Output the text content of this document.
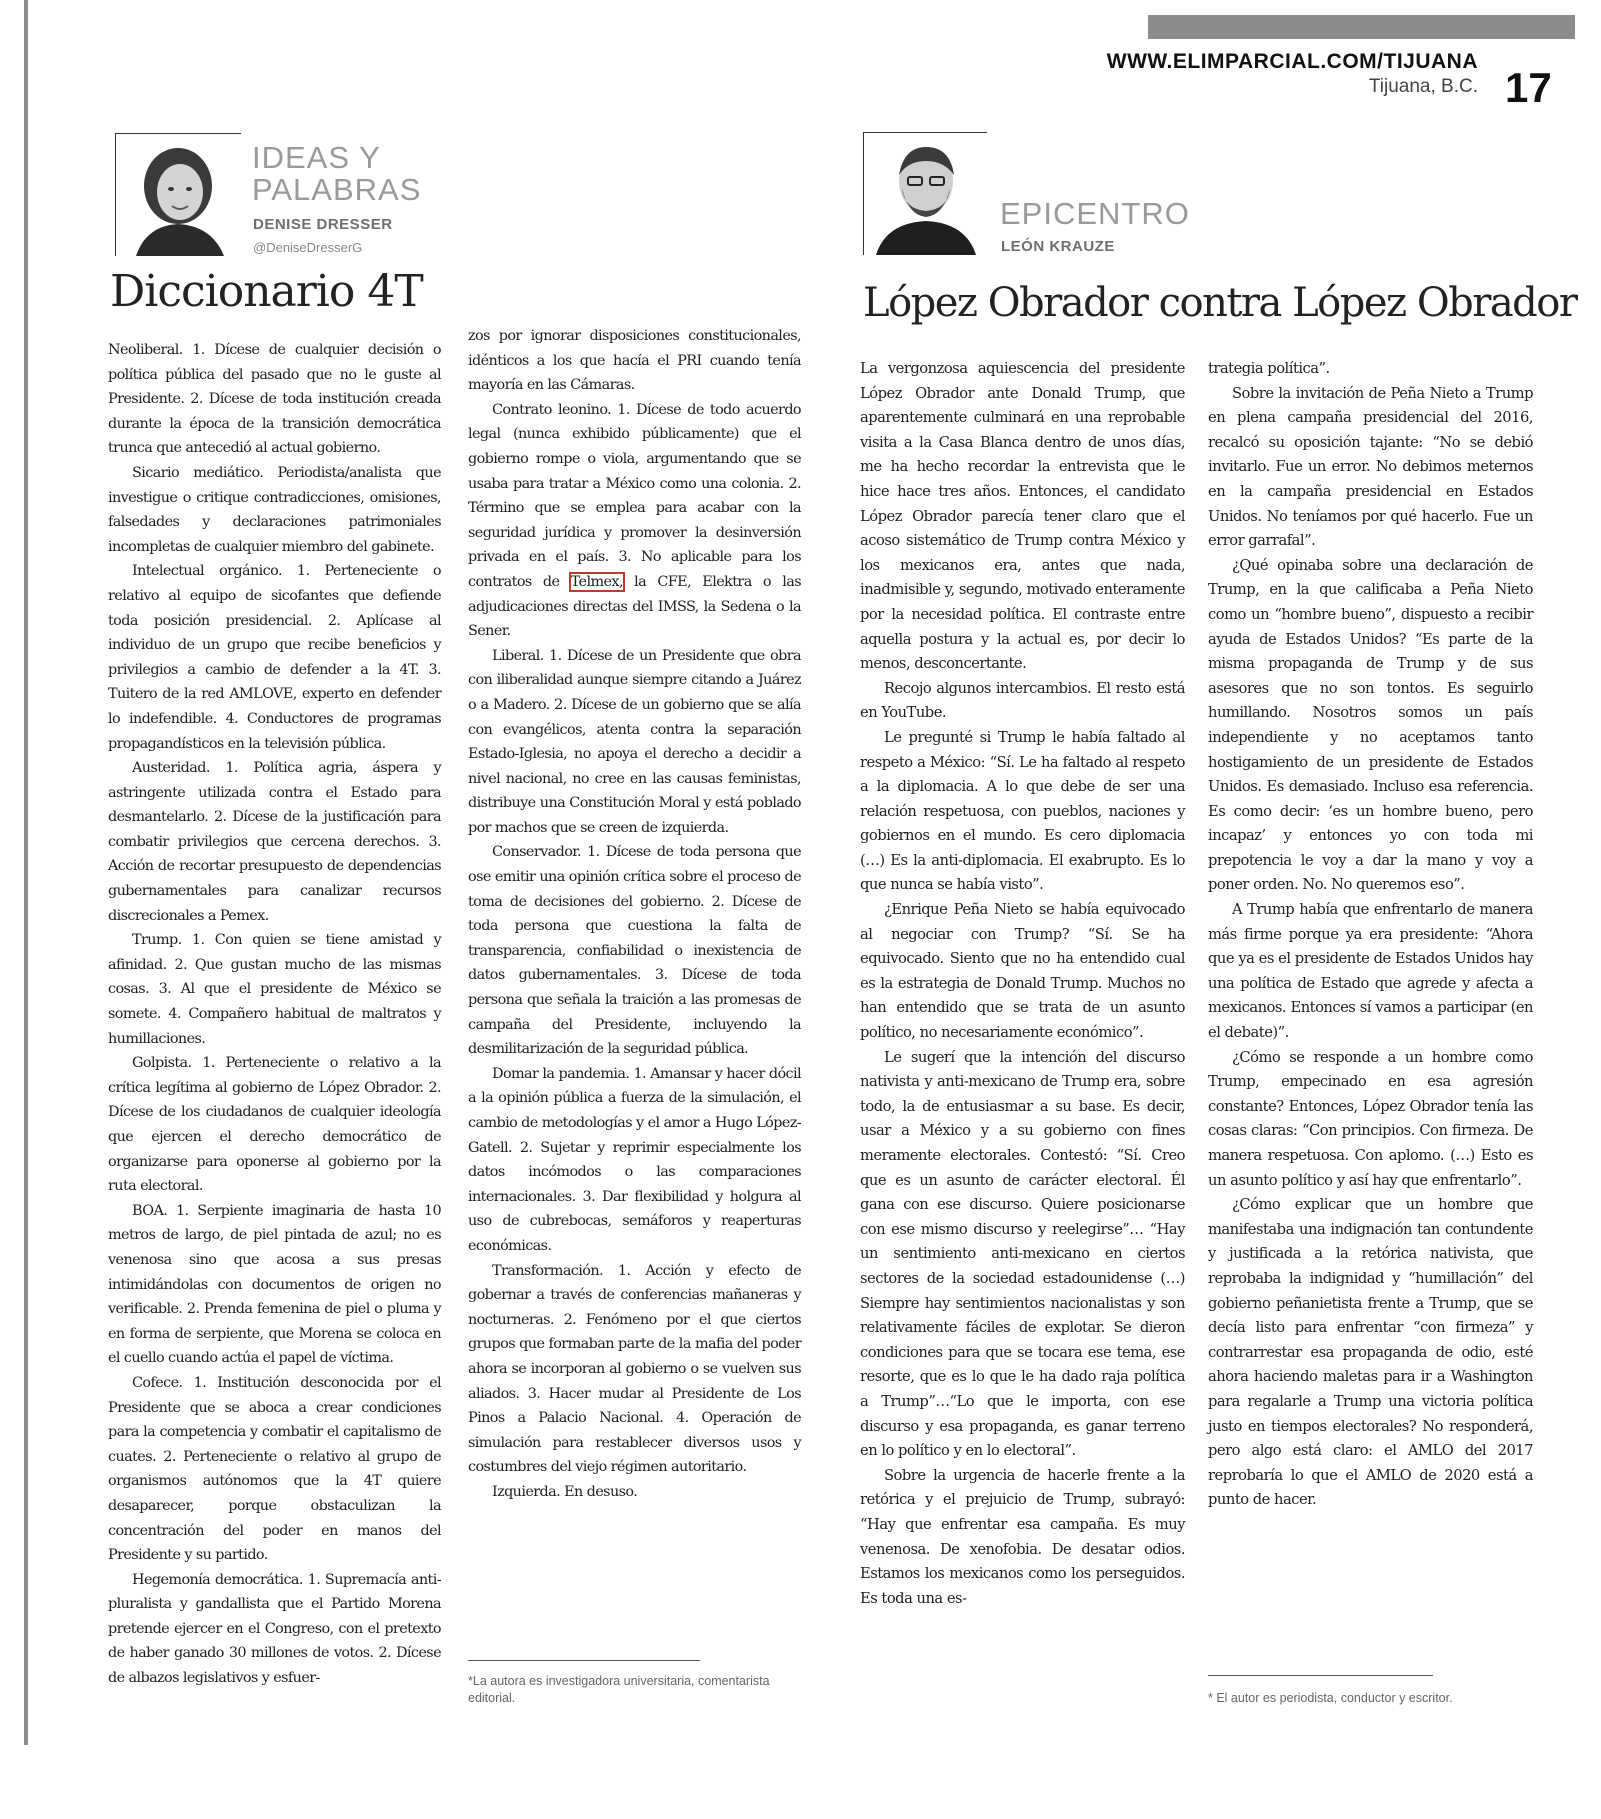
WWW.ELIMPARCIAL.COM/TIJUANA
Tijuana, B.C. 17
IDEAS Y
PALABRAS
DENISE DRESSER
@DeniseDresserG
Diccionario 4T

Neoliberal. 1. Dícese de cualquier decisión o política pública del pasado que no le guste al Presidente. 2. Dícese de toda institución creada durante la época de la transición democrática trunca que antecedió al actual gobierno.

Sicario mediático. Periodista/analista que investigue o critique contradicciones, omisiones, falsedades y declaraciones patrimoniales incompletas de cualquier miembro del gabinete.

Intelectual orgánico. 1. Perteneciente o relativo al equipo de sicofantes que defiende toda posición presidencial. 2. Aplícase al individuo de un grupo que recibe beneficios y privilegios a cambio de defender a la 4T. 3. Tuitero de la red AMLOVE, experto en defender lo indefendible. 4. Conductores de programas propagandísticos en la televisión pública.

Austeridad. 1. Política agria, áspera y astringente utilizada contra el Estado para desmantelarlo. 2. Dícese de la justificación para combatir privilegios que cercena derechos. 3. Acción de recortar presupuesto de dependencias gubernamentales para canalizar recursos discrecionales a Pemex.

Trump. 1. Con quien se tiene amistad y afinidad. 2. Que gustan mucho de las mismas cosas. 3. Al que el presidente de México se somete. 4. Compañero habitual de maltratos y humillaciones.

Golpista. 1. Perteneciente o relativo a la crítica legítima al gobierno de López Obrador. 2. Dícese de los ciudadanos de cualquier ideología que ejercen el derecho democrático de organizarse para oponerse al gobierno por la ruta electoral.

BOA. 1. Serpiente imaginaria de hasta 10 metros de largo, de piel pintada de azul; no es venenosa sino que acosa a sus presas intimidándolas con documentos de origen no verificable. 2. Prenda femenina de piel o pluma y en forma de serpiente, que Morena se coloca en el cuello cuando actúa el papel de víctima.

Cofece. 1. Institución desconocida por el Presidente que se aboca a crear condiciones para la competencia y combatir el capitalismo de cuates. 2. Perteneciente o relativo al grupo de organismos autónomos que la 4T quiere desaparecer, porque obstaculizan la concentración del poder en manos del Presidente y su partido.

Hegemonía democrática. 1. Supremacía anti-pluralista y gandallista que el Partido Morena pretende ejercer en el Congreso, con el pretexto de haber ganado 30 millones de votos. 2. Dícese de albazos legislativos y esfuer-

zos por ignorar disposiciones constitucionales, idénticos a los que hacía el PRI cuando tenía mayoría en las Cámaras.

Contrato leonino. 1. Dícese de todo acuerdo legal (nunca exhibido públicamente) que el gobierno rompe o viola, argumentando que se usaba para tratar a México como una colonia. 2. Término que se emplea para acabar con la seguridad jurídica y promover la desinversión privada en el país. 3. No aplicable para los contratos de Telmex, la CFE, Elektra o las adjudicaciones directas del IMSS, la Sedena o la Sener.

Liberal. 1. Dícese de un Presidente que obra con iliberalidad aunque siempre citando a Juárez o a Madero. 2. Dícese de un gobierno que se alía con evangélicos, atenta contra la separación Estado-Iglesia, no apoya el derecho a decidir a nivel nacional, no cree en las causas feministas, distribuye una Constitución Moral y está poblado por machos que se creen de izquierda.

Conservador. 1. Dícese de toda persona que ose emitir una opinión crítica sobre el proceso de toma de decisiones del gobierno. 2. Dícese de toda persona que cuestiona la falta de transparencia, confiabilidad o inexistencia de datos gubernamentales. 3. Dícese de toda persona que señala la traición a las promesas de campaña del Presidente, incluyendo la desmilitarización de la seguridad pública.

Domar la pandemia. 1. Amansar y hacer dócil a la opinión pública a fuerza de la simulación, el cambio de metodologías y el amor a Hugo López-Gatell. 2. Sujetar y reprimir especialmente los datos incómodos o las comparaciones internacionales. 3. Dar flexibilidad y holgura al uso de cubrebocas, semáforos y reaperturas económicas.

Transformación. 1. Acción y efecto de gobernar a través de conferencias mañaneras y nocturneras. 2. Fenómeno por el que ciertos grupos que formaban parte de la mafia del poder ahora se incorporan al gobierno o se vuelven sus aliados. 3. Hacer mudar al Presidente de Los Pinos a Palacio Nacional. 4. Operación de simulación para restablecer diversos usos y costumbres del viejo régimen autoritario.

Izquierda. En desuso.

*La autora es investigadora universitaria, comentarista editorial.
EPICENTRO
LEÓN KRAUZE
López Obrador contra López Obrador

La vergonzosa aquiescencia del presidente López Obrador ante Donald Trump, que aparentemente culminará en una reprobable visita a la Casa Blanca dentro de unos días, me ha hecho recordar la entrevista que le hice hace tres años. Entonces, el candidato López Obrador parecía tener claro que el acoso sistemático de Trump contra México y los mexicanos era, antes que nada, inadmisible y, segundo, motivado enteramente por la necesidad política. El contraste entre aquella postura y la actual es, por decir lo menos, desconcertante.

Recojo algunos intercambios. El resto está en YouTube.

Le pregunté si Trump le había faltado al respeto a México: “Sí. Le ha faltado al respeto a la diplomacia. A lo que debe de ser una relación respetuosa, con pueblos, naciones y gobiernos en el mundo. Es cero diplomacia (…) Es la anti-diplomacia. El exabrupto. Es lo que nunca se había visto”.

¿Enrique Peña Nieto se había equivocado al negociar con Trump? “Sí. Se ha equivocado. Siento que no ha entendido cual es la estrategia de Donald Trump. Muchos no han entendido que se trata de un asunto político, no necesariamente económico”.

Le sugerí que la intención del discurso nativista y anti-mexicano de Trump era, sobre todo, la de entusiasmar a su base. Es decir, usar a México y a su gobierno con fines meramente electorales. Contestó: “Sí. Creo que es un asunto de carácter electoral. Él gana con ese discurso. Quiere posicionarse con ese mismo discurso y reelegirse”… “Hay un sentimiento anti-mexicano en ciertos sectores de la sociedad estadounidense (…) Siempre hay sentimientos nacionalistas y son relativamente fáciles de explotar. Se dieron condiciones para que se tocara ese tema, ese resorte, que es lo que le ha dado raja política a Trump”…“Lo que le importa, con ese discurso y esa propaganda, es ganar terreno en lo político y en lo electoral”.

Sobre la urgencia de hacerle frente a la retórica y el prejuicio de Trump, subrayó: “Hay que enfrentar esa campaña. Es muy venenosa. De xenofobia. De desatar odios. Estamos los mexicanos como los perseguidos. Es toda una es-

trategia política”.

Sobre la invitación de Peña Nieto a Trump en plena campaña presidencial del 2016, recalcó su oposición tajante: “No se debió invitarlo. Fue un error. No debimos meternos en la campaña presidencial en Estados Unidos. No teníamos por qué hacerlo. Fue un error garrafal”.

¿Qué opinaba sobre una declaración de Trump, en la que calificaba a Peña Nieto como un “hombre bueno”, dispuesto a recibir ayuda de Estados Unidos? “Es parte de la misma propaganda de Trump y de sus asesores que no son tontos. Es seguirlo humillando. Nosotros somos un país independiente y no aceptamos tanto hostigamiento de un presidente de Estados Unidos. Es demasiado. Incluso esa referencia. Es como decir: ‘es un hombre bueno, pero incapaz’ y entonces yo con toda mi prepotencia le voy a dar la mano y voy a poner orden. No. No queremos eso”.

A Trump había que enfrentarlo de manera más firme porque ya era presidente: “Ahora que ya es el presidente de Estados Unidos hay una política de Estado que agrede y afecta a mexicanos. Entonces sí vamos a participar (en el debate)”.

¿Cómo se responde a un hombre como Trump, empecinado en esa agresión constante? Entonces, López Obrador tenía las cosas claras: “Con principios. Con firmeza. De manera respetuosa. Con aplomo. (…) Esto es un asunto político y así hay que enfrentarlo”.

¿Cómo explicar que un hombre que manifestaba una indignación tan contundente y justificada a la retórica nativista, que reprobaba la indignidad y “humillación” del gobierno peñanietista frente a Trump, que se decía listo para enfrentar “con firmeza” y contrarrestar esa propaganda de odio, esté ahora haciendo maletas para ir a Washington para regalarle a Trump una victoria política justo en tiempos electorales? No responderá, pero algo está claro: el AMLO del 2017 reprobaría lo que el AMLO de 2020 está a punto de hacer.

* El autor es periodista, conductor y escritor.
